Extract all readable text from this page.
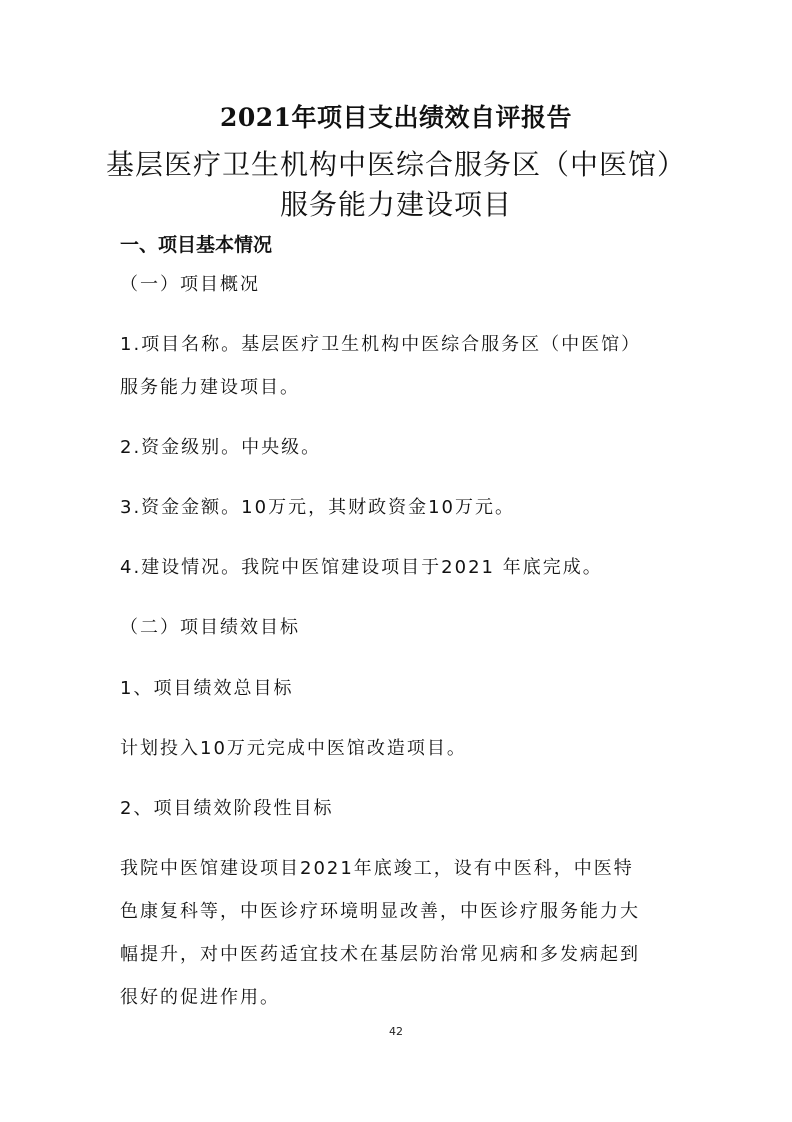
2021年项目支出绩效自评报告
基层医疗卫生机构中医综合服务区（中医馆）
服务能力建设项目
一、项目基本情况
（一）项目概况
1.项目名称。基层医疗卫生机构中医综合服务区（中医馆）
服务能力建设项目。
2.资金级别。中央级。
3.资金金额。10万元，其财政资金10万元。
4.建设情况。我院中医馆建设项目于2021 年底完成。
（二）项目绩效目标
1、项目绩效总目标
计划投入10万元完成中医馆改造项目。
2、项目绩效阶段性目标
我院中医馆建设项目2021年底竣工，设有中医科，中医特
色康复科等，中医诊疗环境明显改善，中医诊疗服务能力大
幅提升，对中医药适宜技术在基层防治常见病和多发病起到
很好的促进作用。
42
